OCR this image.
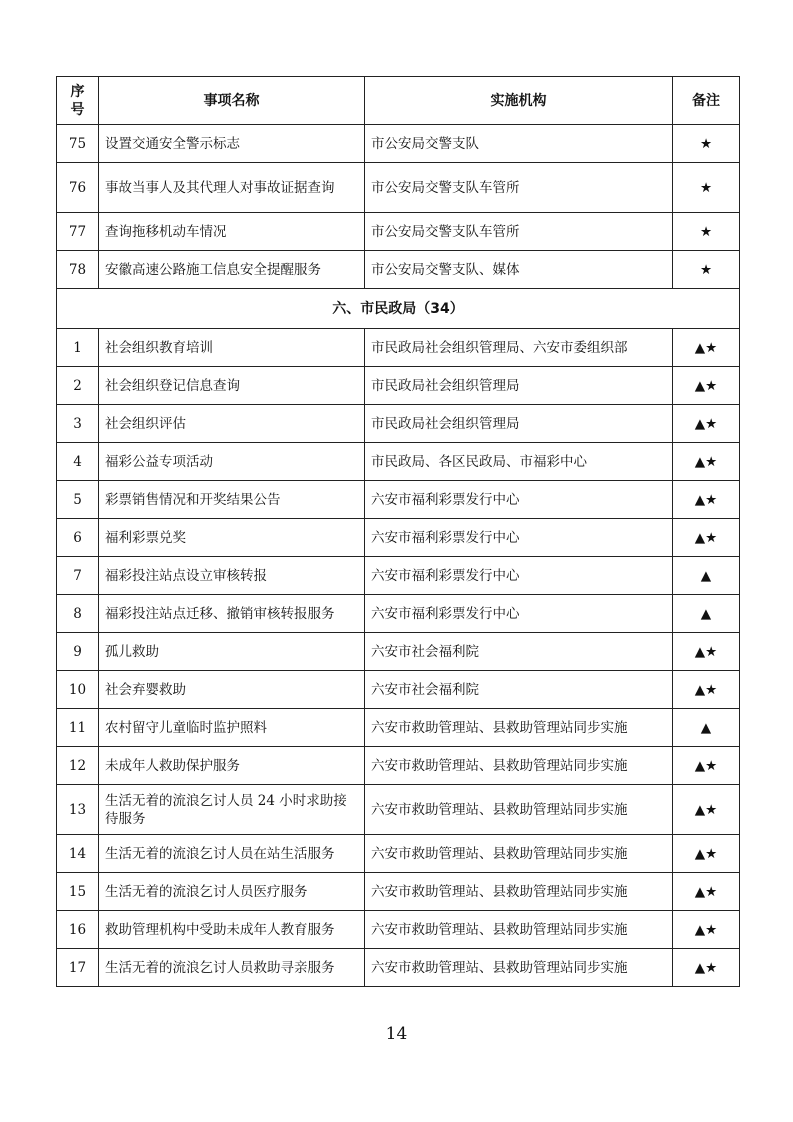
序
号	事项名称	实施机构	备注
75	设置交通安全警示标志	市公安局交警支队	★
76	事故当事人及其代理人对事故证据查询	市公安局交警支队车管所	★
77	查询拖移机动车情况	市公安局交警支队车管所	★
78	安徽高速公路施工信息安全提醒服务	市公安局交警支队、媒体	★
六、市民政局（34）			
1	社会组织教育培训	市民政局社会组织管理局、六安市委组织部	▲★
2	社会组织登记信息查询	市民政局社会组织管理局	▲★
3	社会组织评估	市民政局社会组织管理局	▲★
4	福彩公益专项活动	市民政局、各区民政局、市福彩中心	▲★
5	彩票销售情况和开奖结果公告	六安市福利彩票发行中心	▲★
6	福利彩票兑奖	六安市福利彩票发行中心	▲★
7	福彩投注站点设立审核转报	六安市福利彩票发行中心	▲
8	福彩投注站点迁移、撤销审核转报服务	六安市福利彩票发行中心	▲
9	孤儿救助	六安市社会福利院	▲★
10	社会弃婴救助	六安市社会福利院	▲★
11	农村留守儿童临时监护照料	六安市救助管理站、县救助管理站同步实施	▲
12	未成年人救助保护服务	六安市救助管理站、县救助管理站同步实施	▲★
13	生活无着的流浪乞讨人员 24 小时求助接待服务	六安市救助管理站、县救助管理站同步实施	▲★
14	生活无着的流浪乞讨人员在站生活服务	六安市救助管理站、县救助管理站同步实施	▲★
15	生活无着的流浪乞讨人员医疗服务	六安市救助管理站、县救助管理站同步实施	▲★
16	救助管理机构中受助未成年人教育服务	六安市救助管理站、县救助管理站同步实施	▲★
17	生活无着的流浪乞讨人员救助寻亲服务	六安市救助管理站、县救助管理站同步实施	▲★
14
